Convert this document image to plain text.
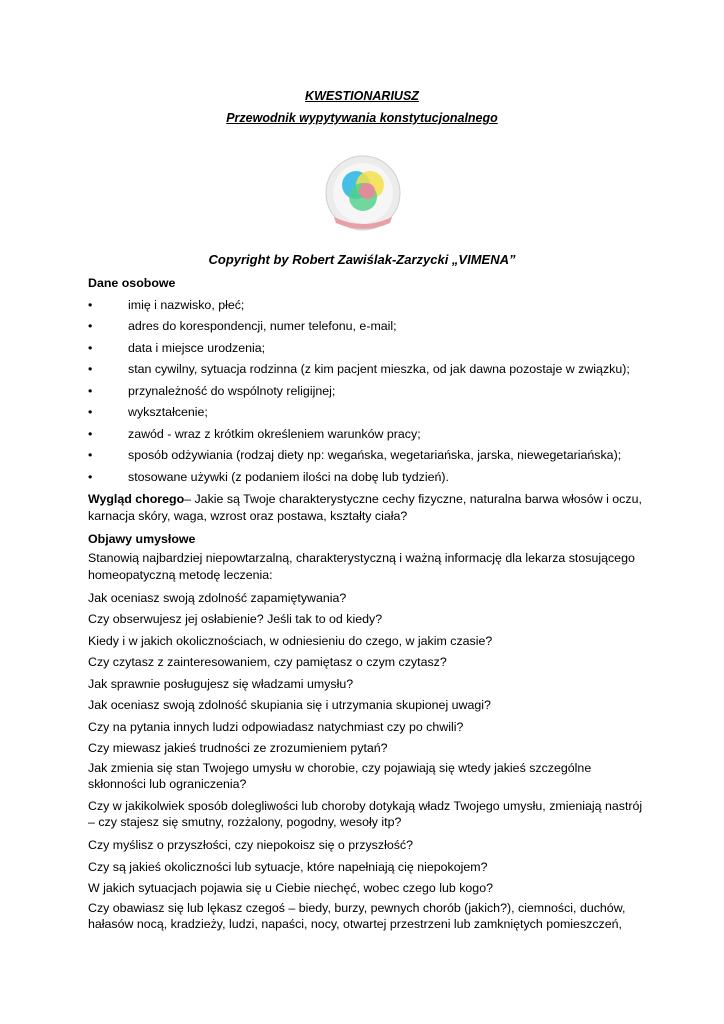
KWESTIONARIUSZ
Przewodnik wypytywania konstytucjonalnego
Copyright by Robert Zawiślak-Zarzycki „VIMENA”
Dane osobowe
•	imię i nazwisko, płeć;
•	adres do korespondencji, numer telefonu, e-mail;
•	data i miejsce urodzenia;
•	stan cywilny, sytuacja rodzinna (z kim pacjent mieszka, od jak dawna pozostaje w związku);
•	przynależność do wspólnoty religijnej;
•	wykształcenie;
•	zawód - wraz z krótkim określeniem warunków pracy;
•	sposób odżywiania (rodzaj diety np: wegańska, wegetariańska, jarska, niewegetariańska);
•	stosowane używki (z podaniem ilości na dobę lub tydzień).
Wygląd chorego– Jakie są Twoje charakterystyczne cechy fizyczne, naturalna barwa włosów i oczu, karnacja skóry, waga, wzrost oraz postawa, kształty ciała?
Objawy umysłowe
Stanowią najbardziej niepowtarzalną, charakterystyczną i ważną informację dla lekarza stosującego homeopatyczną metodę leczenia:
Jak oceniasz swoją zdolność zapamiętywania?
Czy obserwujesz jej osłabienie? Jeśli tak to od kiedy?
Kiedy i w jakich okolicznościach, w odniesieniu do czego, w jakim czasie?
Czy czytasz z zainteresowaniem, czy pamiętasz o czym czytasz?
Jak sprawnie posługujesz się władzami umysłu?
Jak oceniasz swoją zdolność skupiania się i utrzymania skupionej uwagi?
Czy na pytania innych ludzi odpowiadasz natychmiast czy po chwili?
Czy miewasz jakieś trudności ze zrozumieniem pytań?
Jak zmienia się stan Twojego umysłu w chorobie, czy pojawiają się wtedy jakieś szczególne skłonności lub ograniczenia?
Czy w jakikolwiek sposób dolegliwości lub choroby dotykają władz Twojego umysłu, zmieniają nastrój – czy stajesz się smutny, rozżalony, pogodny, wesoły itp?
Czy myślisz o przyszłości, czy niepokoisz się o przyszłość?
Czy są jakieś okoliczności lub sytuacje, które napełniają cię niepokojem?
W jakich sytuacjach pojawia się u Ciebie niechęć, wobec czego lub kogo?
Czy obawiasz się lub lękasz czegoś – biedy, burzy, pewnych chorób (jakich?), ciemności, duchów, hałasów nocą, kradzieży, ludzi, napaści, nocy, otwartej przestrzeni lub zamkniętych pomieszczeń,
